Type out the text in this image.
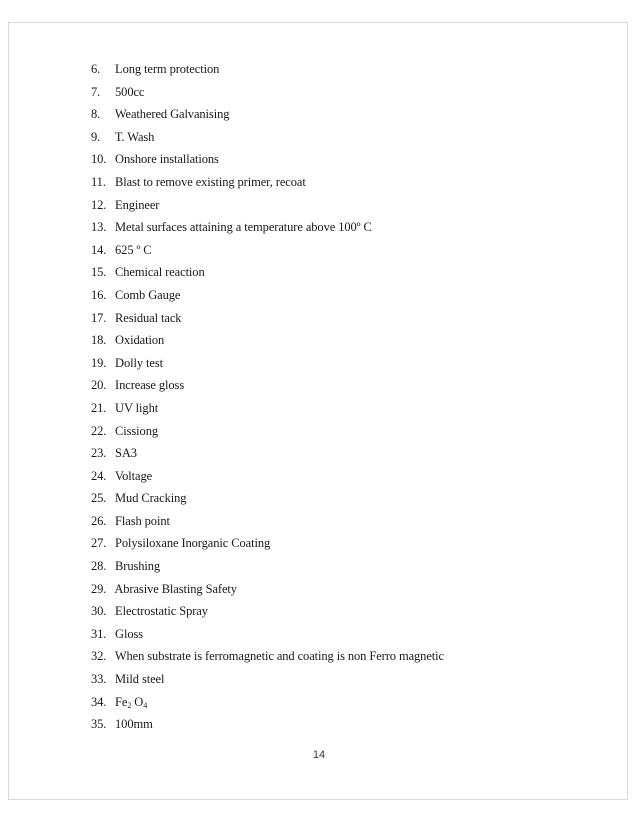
6. Long term protection
7. 500cc
8. Weathered Galvanising
9. T. Wash
10. Onshore installations
11. Blast to remove existing primer, recoat
12. Engineer
13. Metal surfaces attaining a temperature above 100º C
14. 625 º C
15. Chemical reaction
16. Comb Gauge
17. Residual tack
18. Oxidation
19. Dolly test
20. Increase gloss
21. UV light
22. Cissiong
23. SA3
24. Voltage
25. Mud Cracking
26. Flash point
27. Polysiloxane Inorganic Coating
28. Brushing
29. Abrasive Blasting Safety
30. Electrostatic Spray
31. Gloss
32. When substrate is ferromagnetic and coating is non Ferro magnetic
33. Mild steel
34. $Fe_2$ $O_4$
35. 100mm
14
